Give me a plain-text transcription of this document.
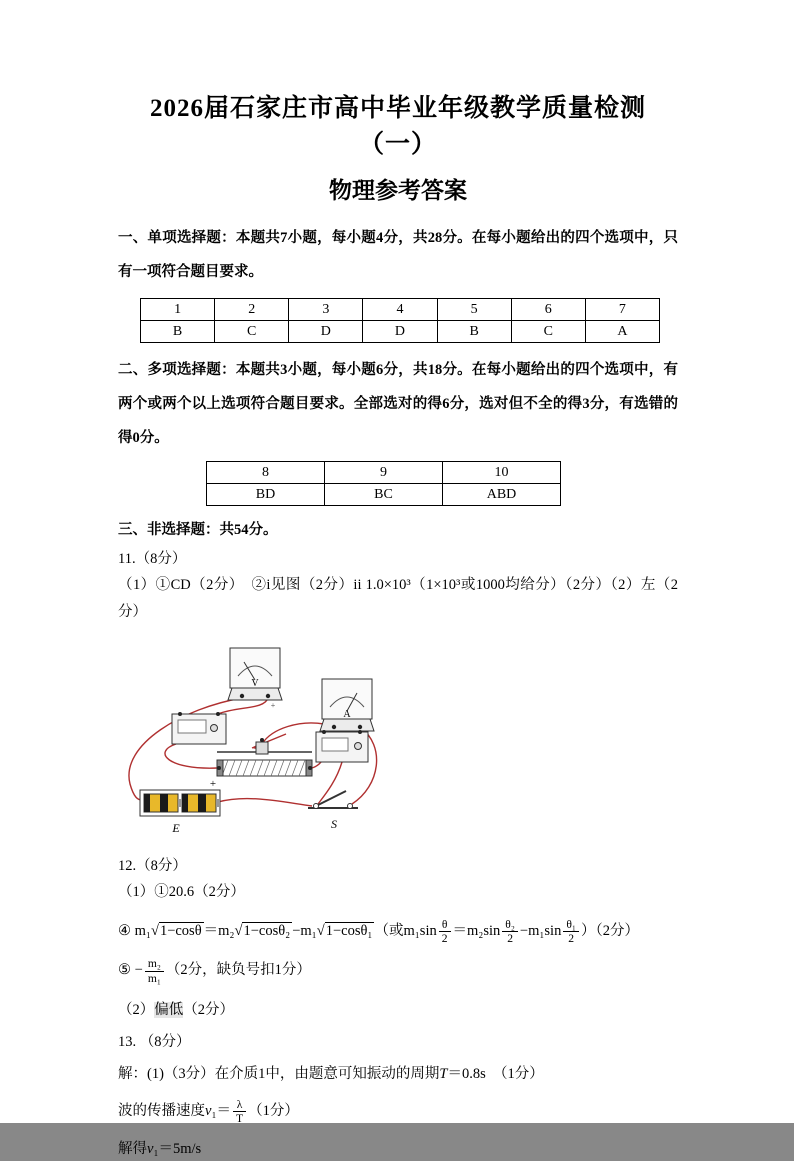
2026届石家庄市高中毕业年级教学质量检测（一）
物理参考答案

一、单项选择题：本题共7小题，每小题4分，共28分。在每小题给出的四个选项中，只有一项符合题目要求。

1	2	3	4	5	6	7
B	C	D	D	B	C	A

二、多项选择题：本题共3小题，每小题6分，共18分。在每小题给出的四个选项中，有两个或两个以上选项符合题目要求。全部选对的得6分，选对但不全的得3分，有选错的得0分。

8	9	10
BD	BC	ABD

三、非选择题：共54分。

11.（8分）

（1）①CD（2分）　②i见图（2分）ii 1.0×10³（1×10³或1000均给分）（2分）（2）左（2分）

V
+
A
+
E	S

12.（8分）

（1）①20.6（2分）

④ m₁√1−cosθ ＝m₂√1−cosθ₂ −m₁√1−cosθ₁ （或$m_1\sin \frac{\theta}{2} =m_2\sin \frac{\text{θ₂}}{2} -m_1\sin \frac{\text{θ₁}}{2} )(2$分）

⑤ − $\frac{\text{m₂}}{\text{m₁}} (2$分，缺负号扣1分）

（2）偏低（2分）

13. （8分）

解：(1)（3分）在介质1中，由题意可知振动的周期T＝0.8s　（1分）

波的传播速度$v_1= \frac{\lambda}{T} (1$分）

解得v₁＝5m/s
